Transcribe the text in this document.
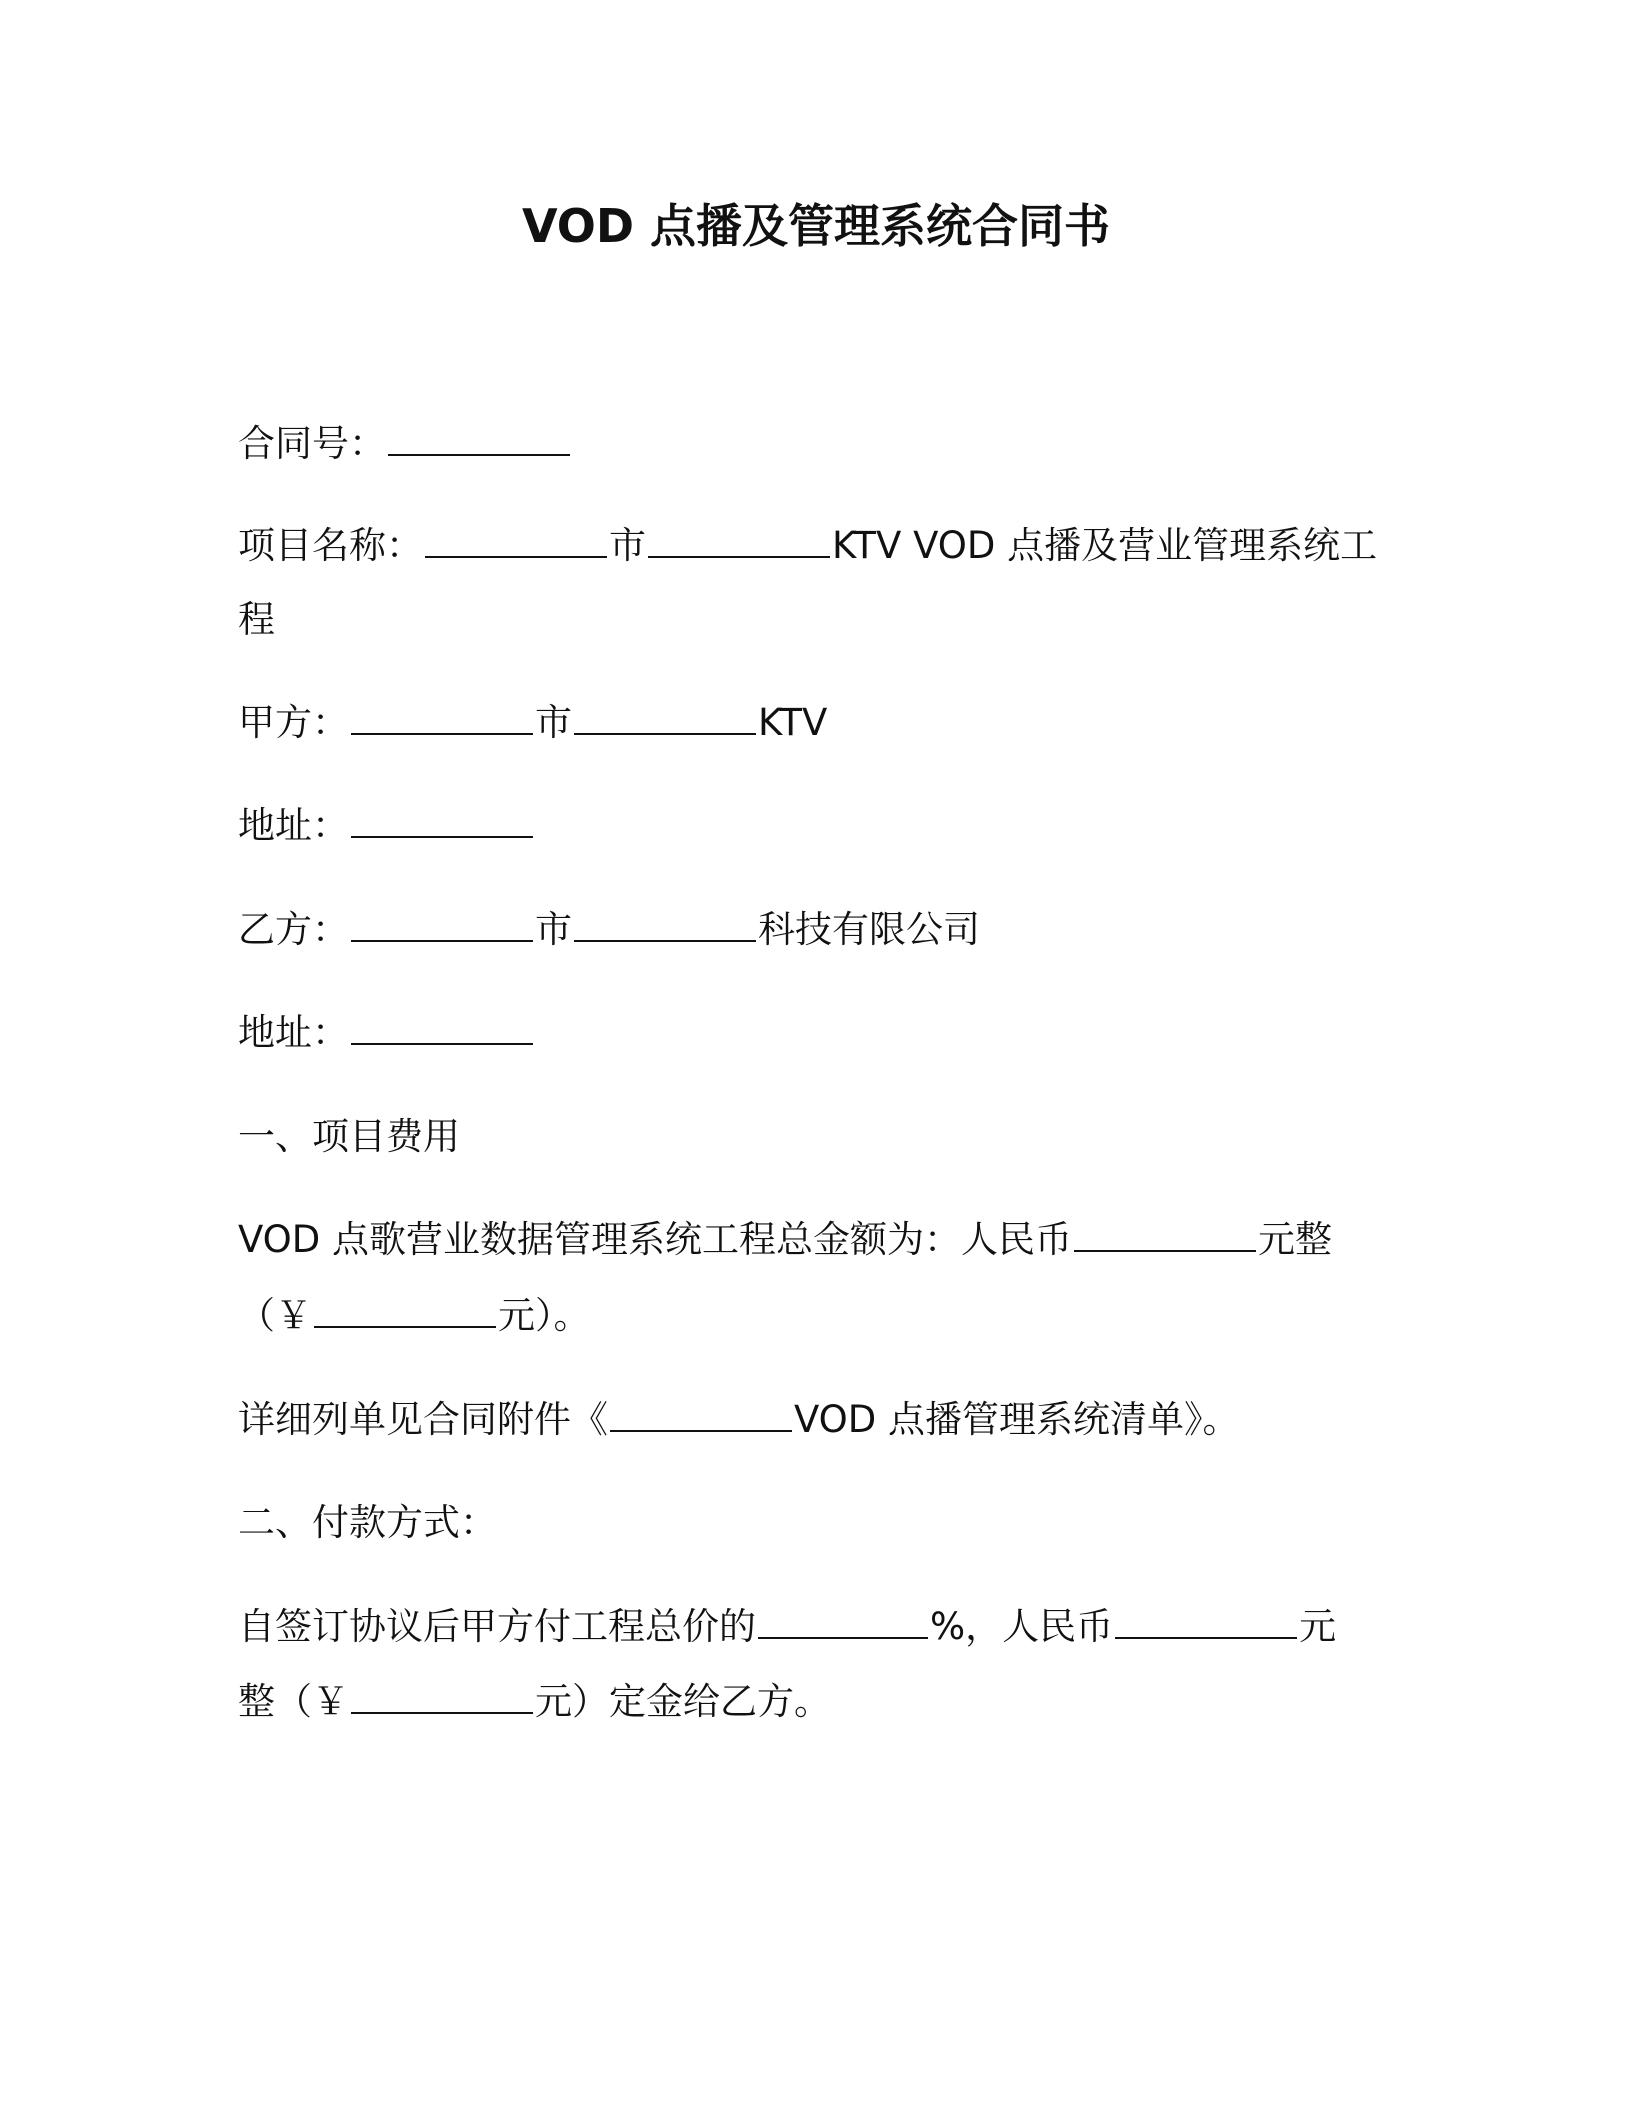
VOD 点播及管理系统合同书
合同号：
项目名称：	市	KTV VOD 点播及营业管理系统工
程
甲方：	市	KTV
地址：
乙方：	市	科技有限公司
地址：
一、项目费用
VOD 点歌营业数据管理系统工程总金额为：人民币	元整
（￥	元）。
详细列单见合同附件《	VOD 点播管理系统清单》。
二、付款方式：
自签订协议后甲方付工程总价的	%，人民币	元
整（￥	元）定金给乙方。
